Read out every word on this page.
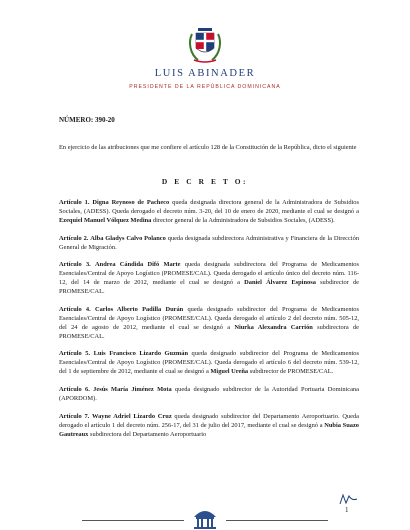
LUIS ABINADER
PRESIDENTE DE LA REPÚBLICA DOMINICANA
NÚMERO: 390-20
En ejercicio de las atribuciones que me confiere el artículo 128 de la Constitución de la República, dicto el siguiente
D E C R E T O:

Artículo 1. Digna Reynoso de Pacheco queda designada directora general de la Administradora de Subsidios Sociales, (ADESS). Queda derogado el decreto núm. 3-20, del 10 de enero de 2020, mediante el cual se designó a Ezequiel Manuel Vólquez Medina director general de la Administradora de Subsidios Sociales, (ADESS).

Artículo 2. Alba Gladys Calvo Polanco queda designada subdirectora Administrativa y Financiera de la Dirección General de Migración.

Artículo 3. Andrea Cándida Difó Marte queda designada subdirectora del Programa de Medicamentos Esenciales/Central de Apoyo Logístico (PROMESE/CAL). Queda derogado el artículo único del decreto núm. 116-12, del 14 de marzo de 2012, mediante el cual se designó a Daniel Álvarez Espinosa subdirector de PROMESE/CAL.

Artículo 4. Carlos Alberto Padilla Durán queda designado subdirector del Programa de Medicamentos Esenciales/Central de Apoyo Logístico (PROMESE/CAL). Queda derogado el artículo 2 del decreto núm. 505-12, del 24 de agosto de 2012, mediante el cual se designó a Niurka Alexandra Carrión subdirectora de PROMESE/CAL.

Artículo 5. Luis Francisco Lizardo Guzmán queda designado subdirector del Programa de Medicamentos Esenciales/Central de Apoyo Logístico (PROMESE/CAL). Queda derogado el artículo 6 del decreto núm. 539-12, del 1 de septiembre de 2012, mediante el cual se designó a Miguel Ureña subdirector de PROMESE/CAL.

Artículo 6. Jesús María Jiménez Mota queda designado subdirector de la Autoridad Portuaria Dominicana (APORDOM).

Artículo 7. Wayne Adriel Lizardo Cruz queda designado subdirector del Departamento Aeroportuario. Queda derogado el artículo 1 del decreto núm. 256-17, del 31 de julio del 2017, mediante el cual se designó a Nubia Suazo Gautreaux subdirectora del Departamento Aeroportuario

1
